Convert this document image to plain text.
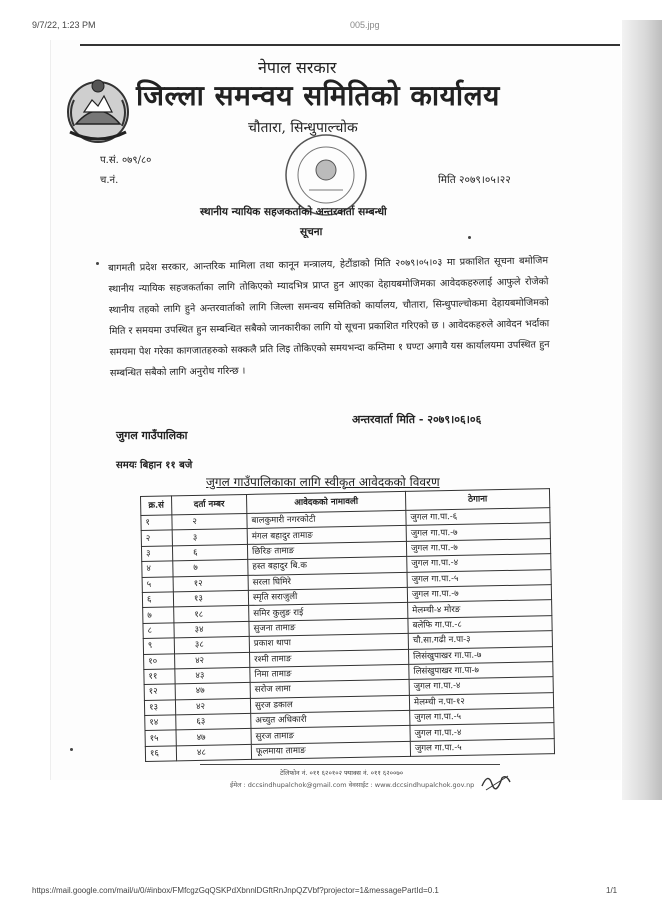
9/7/22, 1:23 PM	005.jpg
नेपाल सरकार
जिल्ला समन्वय समितिको कार्यालय
चौतारा, सिन्धुपाल्चोक
प.सं. ०७९/८०
च.नं.	मिति २०७९।०५।२२
स्थानीय न्यायिक सहजकर्ताको अन्तरवार्ता सम्बन्धी
सूचना
बागमती प्रदेश सरकार, आन्तरिक मामिला तथा कानून मन्त्रालय, हेटौंडाको मिति २०७९।०५।०३ मा प्रकाशित सूचना बमोजिम स्थानीय न्यायिक सहजकर्ताका लागि तोकिएको म्यादभित्र प्राप्त हुन आएका देहायबमोजिमका आवेदकहरुलाई आफुले रोजेको स्थानीय तहको लागि हुने अन्तरवार्ताको लागि जिल्ला समन्वय समितिको कार्यालय, चौतारा, सिन्धुपाल्चोकमा देहायबमोजिमको मिति र समयमा उपस्थित हुन सम्बन्धित सबैको जानकारीका लागि यो सूचना प्रकाशित गरिएको छ । आवेदकहरुले आवेदन भर्दाका समयमा पेश गरेका कागजातहरुको सक्कलै प्रति लिइ तोकिएको समयभन्दा कम्तिमा १ घण्टा अगावै यस कार्यालयमा उपस्थित हुन सम्बन्धित सबैको लागि अनुरोध गरिन्छ ।
अन्तरवार्ता मिति - २०७९।०६।०६
जुगल गाउँपालिका
समयः बिहान ११ बजे
जुगल गाउँपालिकाका लागि स्वीकृत आवेदकको विवरण
क्र.सं	दर्ता नम्बर	आवेदकको नामावली	ठेगाना
१	२	बालकुमारी नगरकोटी	जुगल गा.पा.-६
२	३	मंगल बहादुर तामाङ	जुगल गा.पा.-७
३	६	छिरिङ तामाङ	जुगल गा.पा.-७
४	७	हस्त बहादुर बि.क	जुगल गा.पा.-४
५	१२	सरला घिमिरे	जुगल गा.पा.-५
६	१३	स्मृति सराजुली	जुगल गा.पा.-७
७	१८	समिर कुलुङ राई	मेलम्ची-४ मोरङ
८	३४	सुजना तामाङ	बलेफि गा.पा.-८
९	३८	प्रकाश थापा	चौ.सा.गढी न.पा-३
१०	४२	रश्मी तामाङ	लिसंखुपाखर गा.पा.-७
११	४३	निमा तामाङ	लिसंखुपाखर गा.पा-७
१२	४७	सरोज लामा	जुगल गा.पा.-४
१३	४२	सुरज डकाल	मेलम्ची न.पा-१२
१४	६३	अच्युत अधिकारी	जुगल गा.पा.-५
१५	४७	सुरज तामाङ	जुगल गा.पा.-४
१६	४८	फूलमाया तामाङ	जुगल गा.पा.-५
टेलिफोन नं. ०११ ६२०१०२ फ्याक्स नं. ०११ ६२००७०
ईमेल : dccsindhupalchok@gmail.com वेवसाईट : www.dccsindhupalchok.gov.np
https://mail.google.com/mail/u/0/#inbox/FMfcgzGqQSKPdXbnnlDGftRnJnpQZVbf?projector=1&messagePartId=0.1	1/1
